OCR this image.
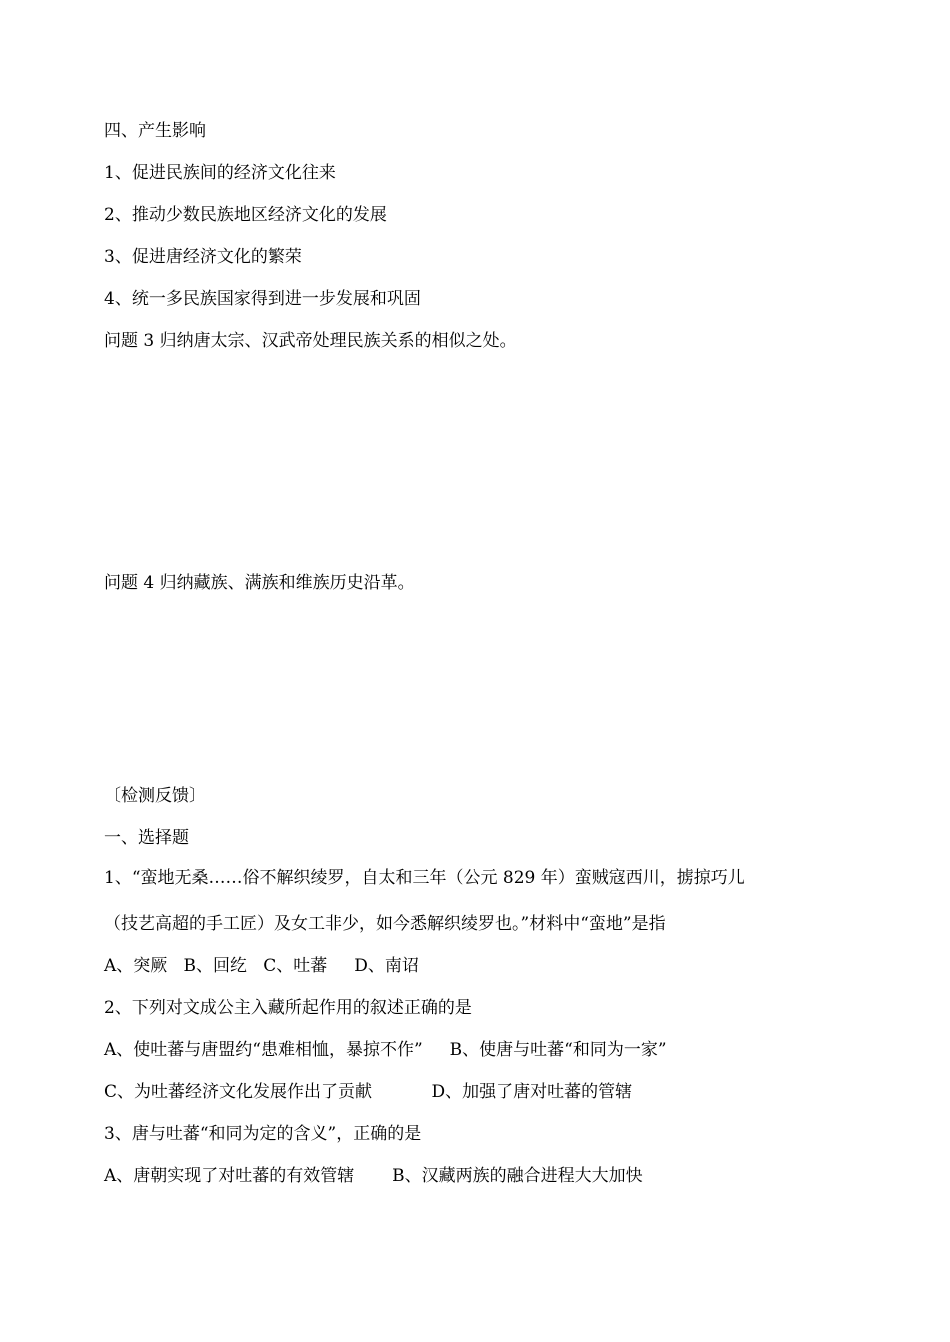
四、产生影响
1、促进民族间的经济文化往来
2、推动少数民族地区经济文化的发展
3、促进唐经济文化的繁荣
4、统一多民族国家得到进一步发展和巩固
问题 3 归纳唐太宗、汉武帝处理民族关系的相似之处。
问题 4 归纳藏族、满族和维族历史沿革。
〔检测反馈〕
一、选择题
1、“蛮地无桑……俗不解织绫罗，自太和三年（公元 829 年）蛮贼寇西川，掳掠巧儿
（技艺高超的手工匠）及女工非少，如今悉解织绫罗也。”材料中“蛮地”是指
A、突厥   B、回纥   C、吐蕃     D、南诏
2、下列对文成公主入藏所起作用的叙述正确的是
A、使吐蕃与唐盟约“患难相恤，暴掠不作”     B、使唐与吐蕃“和同为一家”
C、为吐蕃经济文化发展作出了贡献           D、加强了唐对吐蕃的管辖
3、唐与吐蕃“和同为定的含义”，正确的是
A、唐朝实现了对吐蕃的有效管辖       B、汉藏两族的融合进程大大加快
